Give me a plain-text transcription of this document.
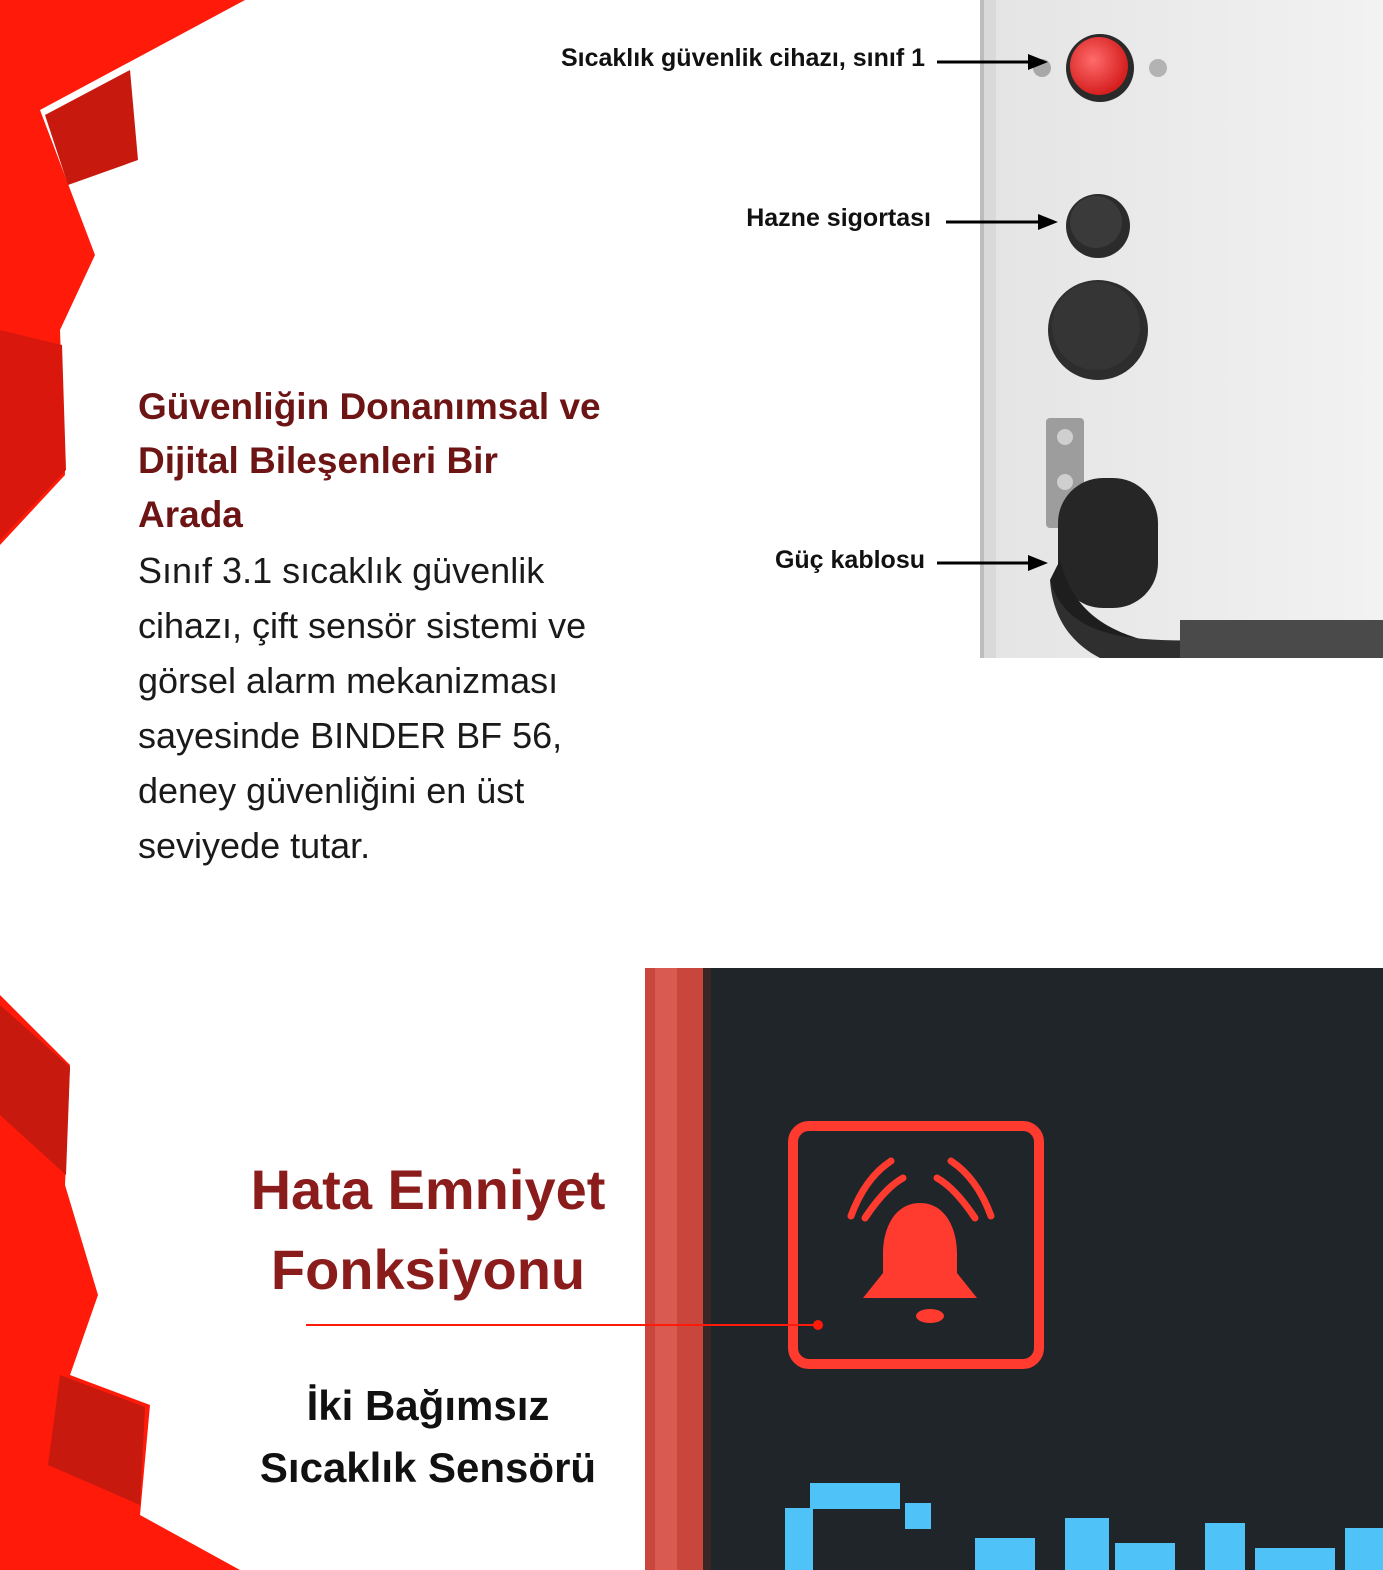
Sıcaklık güvenlik cihazı, sınıf 1
Hazne sigortası
Güç kablosu
Güvenliğin Donanımsal ve Dijital Bileşenleri Bir Arada

Sınıf 3.1 sıcaklık güvenlik cihazı, çift sensör sistemi ve görsel alarm mekanizması sayesinde BINDER BF 56, deney güvenliğini en üst seviyede tutar.

Hata Emniyet Fonksiyonu
İki Bağımsız Sıcaklık Sensörü
